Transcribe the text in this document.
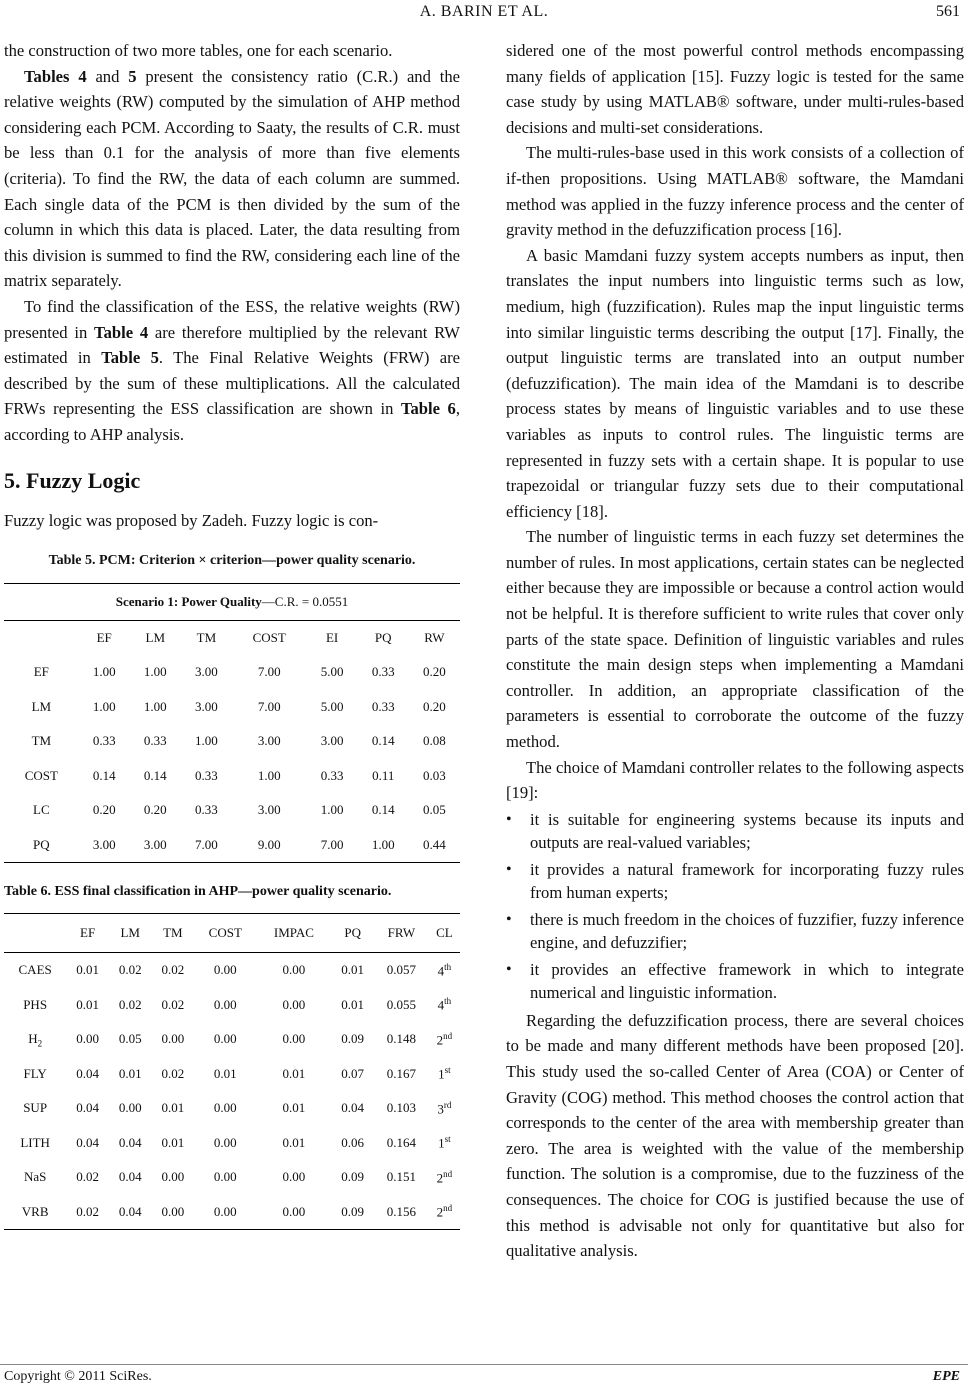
A. BARIN ET AL.	561

the construction of two more tables, one for each scenario.

Tables 4 and 5 present the consistency ratio (C.R.) and the relative weights (RW) computed by the simulation of AHP method considering each PCM. According to Saaty, the results of C.R. must be less than 0.1 for the analysis of more than five elements (criteria). To find the RW, the data of each column are summed. Each single data of the PCM is then divided by the sum of the column in which this data is placed. Later, the data resulting from this division is summed to find the RW, considering each line of the matrix separately.

To find the classification of the ESS, the relative weights (RW) presented in Table 4 are therefore multiplied by the relevant RW estimated in Table 5. The Final Relative Weights (FRW) are described by the sum of these multiplications. All the calculated FRWs representing the ESS classification are shown in Table 6, according to AHP analysis.

5. Fuzzy Logic

Fuzzy logic was proposed by Zadeh. Fuzzy logic is con-

Table 5. PCM: Criterion × criterion—power quality scenario.
Scenario 1: Power Quality—C.R. = 0.0551							
	EF	LM	TM	COST	EI	PQ	RW
EF	1.00	1.00	3.00	7.00	5.00	0.33	0.20
LM	1.00	1.00	3.00	7.00	5.00	0.33	0.20
TM	0.33	0.33	1.00	3.00	3.00	0.14	0.08
COST	0.14	0.14	0.33	1.00	0.33	0.11	0.03
LC	0.20	0.20	0.33	3.00	1.00	0.14	0.05
PQ	3.00	3.00	7.00	9.00	7.00	1.00	0.44
Table 6. ESS final classification in AHP—power quality scenario.
	EF	LM	TM	COST	IMPAC	PQ	FRW	CL
CAES	0.01	0.02	0.02	0.00	0.00	0.01	0.057	4th
PHS	0.01	0.02	0.02	0.00	0.00	0.01	0.055	4th
$H_2$	0.00	0.05	0.00	0.00	0.00	0.09	0.148	2nd
FLY	0.04	0.01	0.02	0.01	0.01	0.07	0.167	1st
SUP	0.04	0.00	0.01	0.00	0.01	0.04	0.103	3rd
LITH	0.04	0.04	0.01	0.00	0.01	0.06	0.164	1st
NaS	0.02	0.04	0.00	0.00	0.00	0.09	0.151	2nd
VRB	0.02	0.04	0.00	0.00	0.00	0.09	0.156	2nd

sidered one of the most powerful control methods encompassing many fields of application [15]. Fuzzy logic is tested for the same case study by using MATLAB® software, under multi-rules-based decisions and multi-set considerations.

The multi-rules-base used in this work consists of a collection of if-then propositions. Using MATLAB® software, the Mamdani method was applied in the fuzzy inference process and the center of gravity method in the defuzzification process [16].

A basic Mamdani fuzzy system accepts numbers as input, then translates the input numbers into linguistic terms such as low, medium, high (fuzzification). Rules map the input linguistic terms into similar linguistic terms describing the output [17]. Finally, the output linguistic terms are translated into an output number (defuzzification). The main idea of the Mamdani is to describe process states by means of linguistic variables and to use these variables as inputs to control rules. The linguistic terms are represented in fuzzy sets with a certain shape. It is popular to use trapezoidal or triangular fuzzy sets due to their computational efficiency [18].

The number of linguistic terms in each fuzzy set determines the number of rules. In most applications, certain states can be neglected either because they are impossible or because a control action would not be helpful. It is therefore sufficient to write rules that cover only parts of the state space. Definition of linguistic variables and rules constitute the main design steps when implementing a Mamdani controller. In addition, an appropriate classification of the parameters is essential to corroborate the outcome of the fuzzy method.

The choice of Mamdani controller relates to the following aspects [19]:

• it is suitable for engineering systems because its inputs and outputs are real-valued variables;
• it provides a natural framework for incorporating fuzzy rules from human experts;
• there is much freedom in the choices of fuzzifier, fuzzy inference engine, and defuzzifier;
• it provides an effective framework in which to integrate numerical and linguistic information.

Regarding the defuzzification process, there are several choices to be made and many different methods have been proposed [20]. This study used the so-called Center of Area (COA) or Center of Gravity (COG) method. This method chooses the control action that corresponds to the center of the area with membership greater than zero. The area is weighted with the value of the membership function. The solution is a compromise, due to the fuzziness of the consequences. The choice for COG is justified because the use of this method is advisable not only for quantitative but also for qualitative analysis.

Copyright © 2011 SciRes.	EPE
